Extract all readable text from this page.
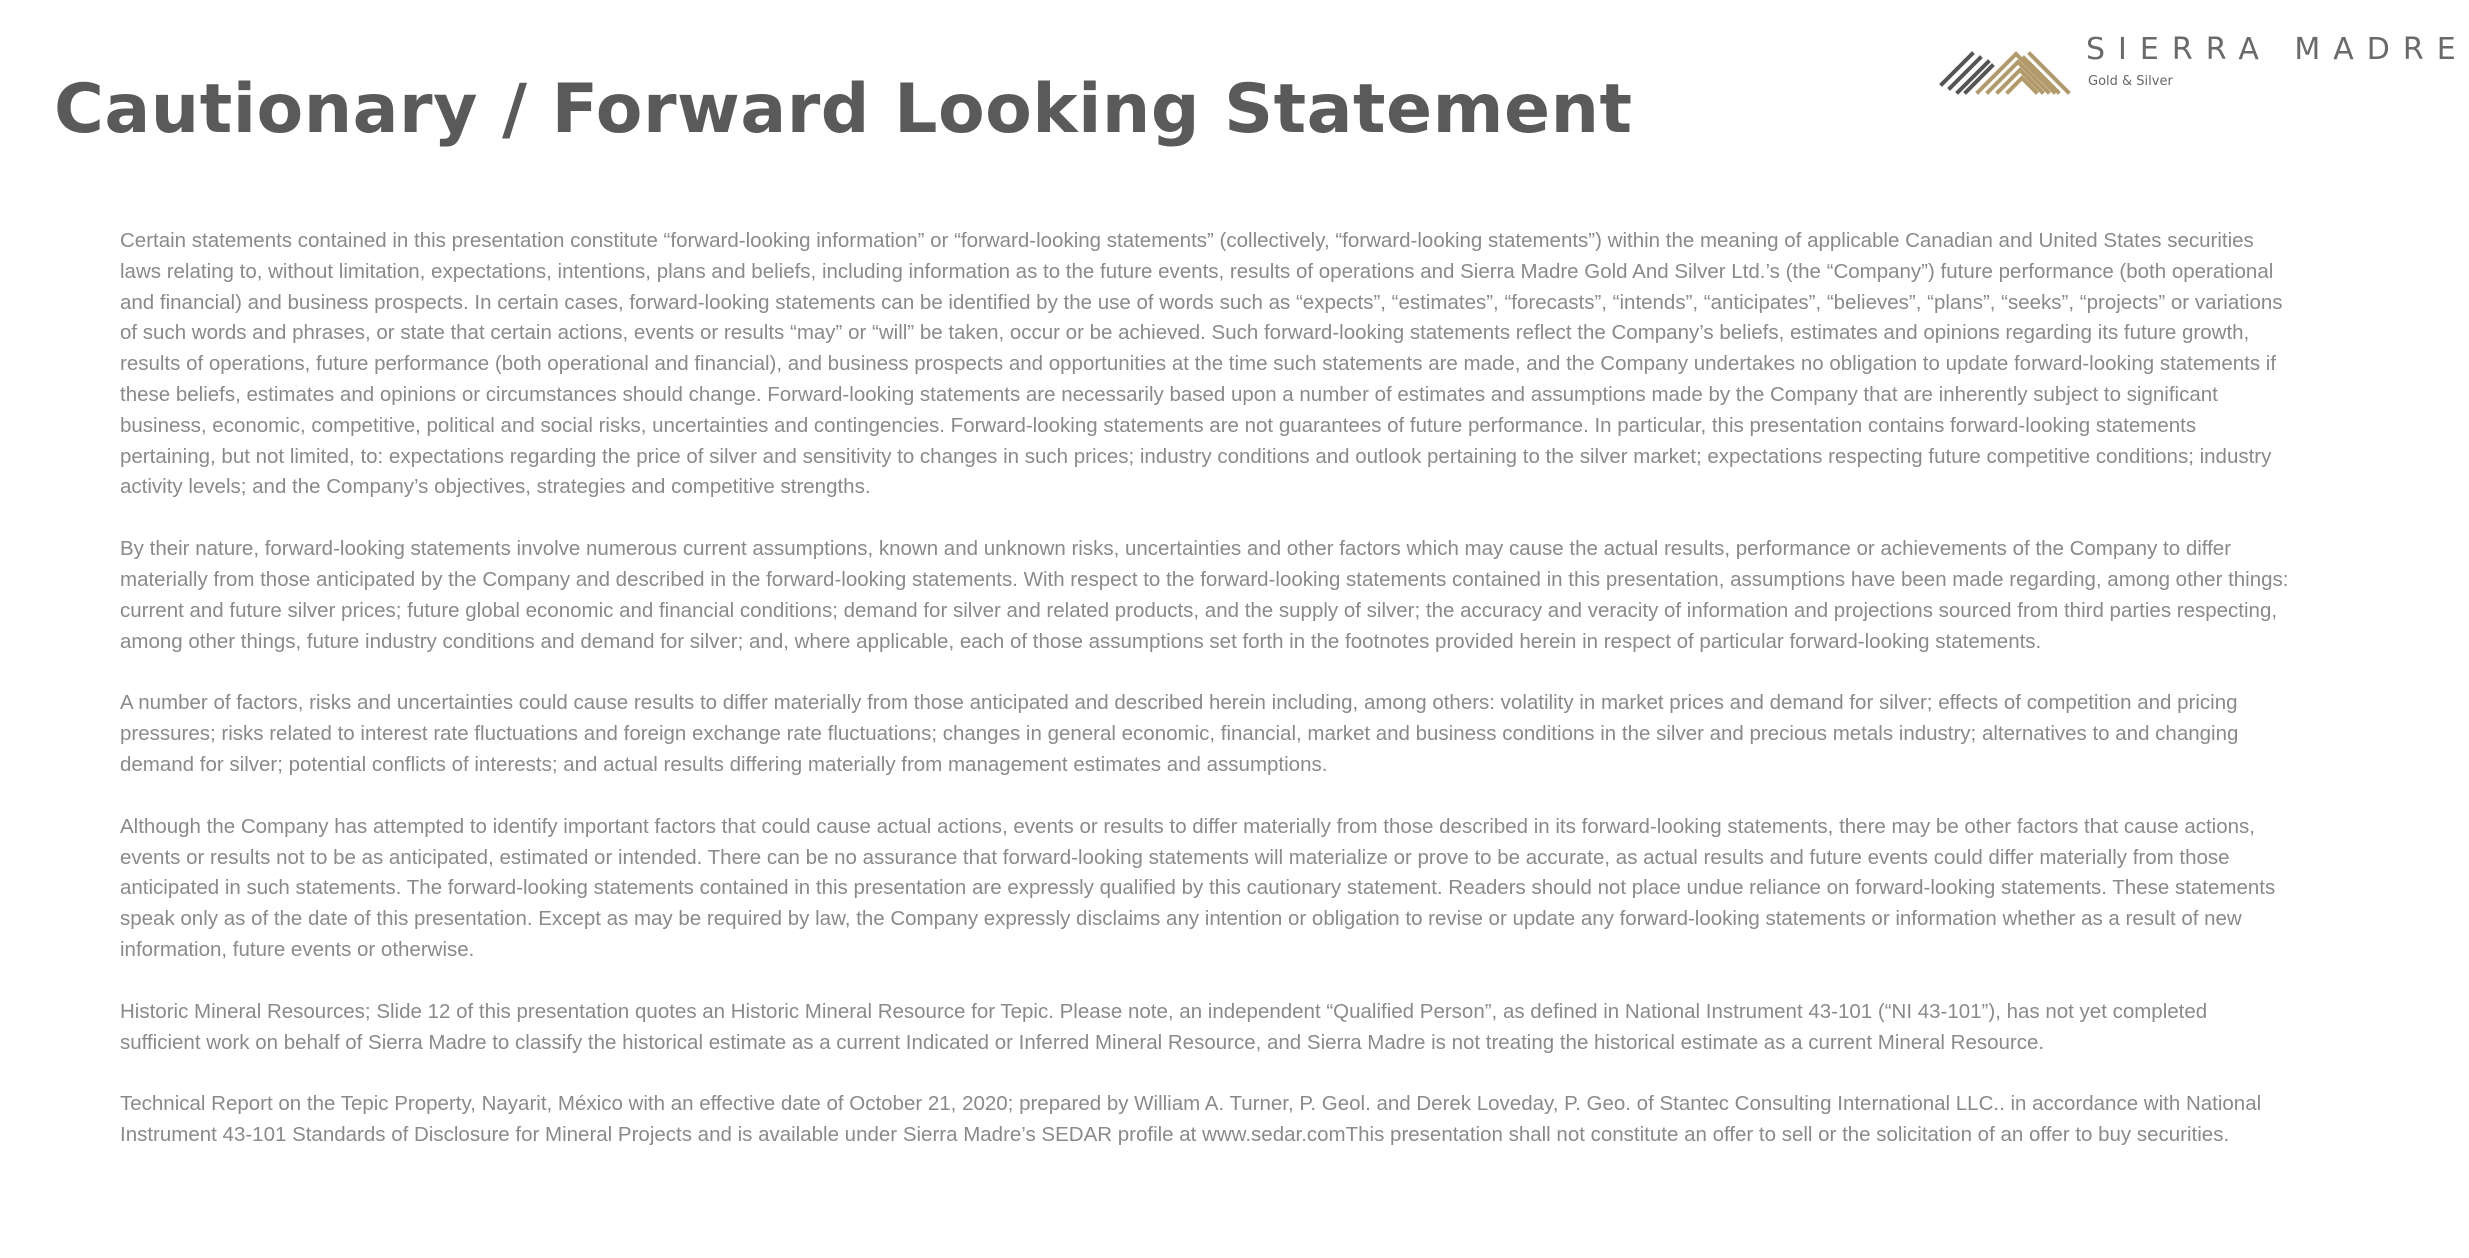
Cautionary / Forward Looking Statement
SIERRA MADRE
Gold & Silver

Certain statements contained in this presentation constitute “forward-looking information” or “forward-looking statements” (collectively, “forward-looking statements”) within the meaning of applicable Canadian and United States securities laws relating to, without limitation, expectations, intentions, plans and beliefs, including information as to the future events, results of operations and Sierra Madre Gold And Silver Ltd.’s (the “Company”) future performance (both operational and financial) and business prospects. In certain cases, forward-looking statements can be identified by the use of words such as “expects”, “estimates”, “forecasts”, “intends”, “anticipates”, “believes”, “plans”, “seeks”, “projects” or variations of such words and phrases, or state that certain actions, events or results “may” or “will” be taken, occur or be achieved. Such forward-looking statements reflect the Company’s beliefs, estimates and opinions regarding its future growth, results of operations, future performance (both operational and financial), and business prospects and opportunities at the time such statements are made, and the Company undertakes no obligation to update forward-looking statements if these beliefs, estimates and opinions or circumstances should change. Forward-looking statements are necessarily based upon a number of estimates and assumptions made by the Company that are inherently subject to significant business, economic, competitive, political and social risks, uncertainties and contingencies. Forward-looking statements are not guarantees of future performance. In particular, this presentation contains forward-looking statements pertaining, but not limited, to: expectations regarding the price of silver and sensitivity to changes in such prices; industry conditions and outlook pertaining to the silver market; expectations respecting future competitive conditions; industry activity levels; and the Company’s objectives, strategies and competitive strengths.

By their nature, forward-looking statements involve numerous current assumptions, known and unknown risks, uncertainties and other factors which may cause the actual results, performance or achievements of the Company to differ materially from those anticipated by the Company and described in the forward-looking statements. With respect to the forward-looking statements contained in this presentation, assumptions have been made regarding, among other things: current and future silver prices; future global economic and financial conditions; demand for silver and related products, and the supply of silver; the accuracy and veracity of information and projections sourced from third parties respecting, among other things, future industry conditions and demand for silver; and, where applicable, each of those assumptions set forth in the footnotes provided herein in respect of particular forward-looking statements.

A number of factors, risks and uncertainties could cause results to differ materially from those anticipated and described herein including, among others: volatility in market prices and demand for silver; effects of competition and pricing pressures; risks related to interest rate fluctuations and foreign exchange rate fluctuations; changes in general economic, financial, market and business conditions in the silver and precious metals industry; alternatives to and changing demand for silver; potential conflicts of interests; and actual results differing materially from management estimates and assumptions.

Although the Company has attempted to identify important factors that could cause actual actions, events or results to differ materially from those described in its forward-looking statements, there may be other factors that cause actions, events or results not to be as anticipated, estimated or intended. There can be no assurance that forward-looking statements will materialize or prove to be accurate, as actual results and future events could differ materially from those anticipated in such statements. The forward-looking statements contained in this presentation are expressly qualified by this cautionary statement. Readers should not place undue reliance on forward-looking statements. These statements speak only as of the date of this presentation. Except as may be required by law, the Company expressly disclaims any intention or obligation to revise or update any forward-looking statements or information whether as a result of new information, future events or otherwise.

Historic Mineral Resources; Slide 12 of this presentation quotes an Historic Mineral Resource for Tepic. Please note, an independent “Qualified Person”, as defined in National Instrument 43-101 (“NI 43-101”), has not yet completed sufficient work on behalf of Sierra Madre to classify the historical estimate as a current Indicated or Inferred Mineral Resource, and Sierra Madre is not treating the historical estimate as a current Mineral Resource.

Technical Report on the Tepic Property, Nayarit, México with an effective date of October 21, 2020; prepared by William A. Turner, P. Geol. and Derek Loveday, P. Geo. of Stantec Consulting International LLC.. in accordance with National Instrument 43-101 Standards of Disclosure for Mineral Projects and is available under Sierra Madre’s SEDAR profile at www.sedar.comThis presentation shall not constitute an offer to sell or the solicitation of an offer to buy securities.
